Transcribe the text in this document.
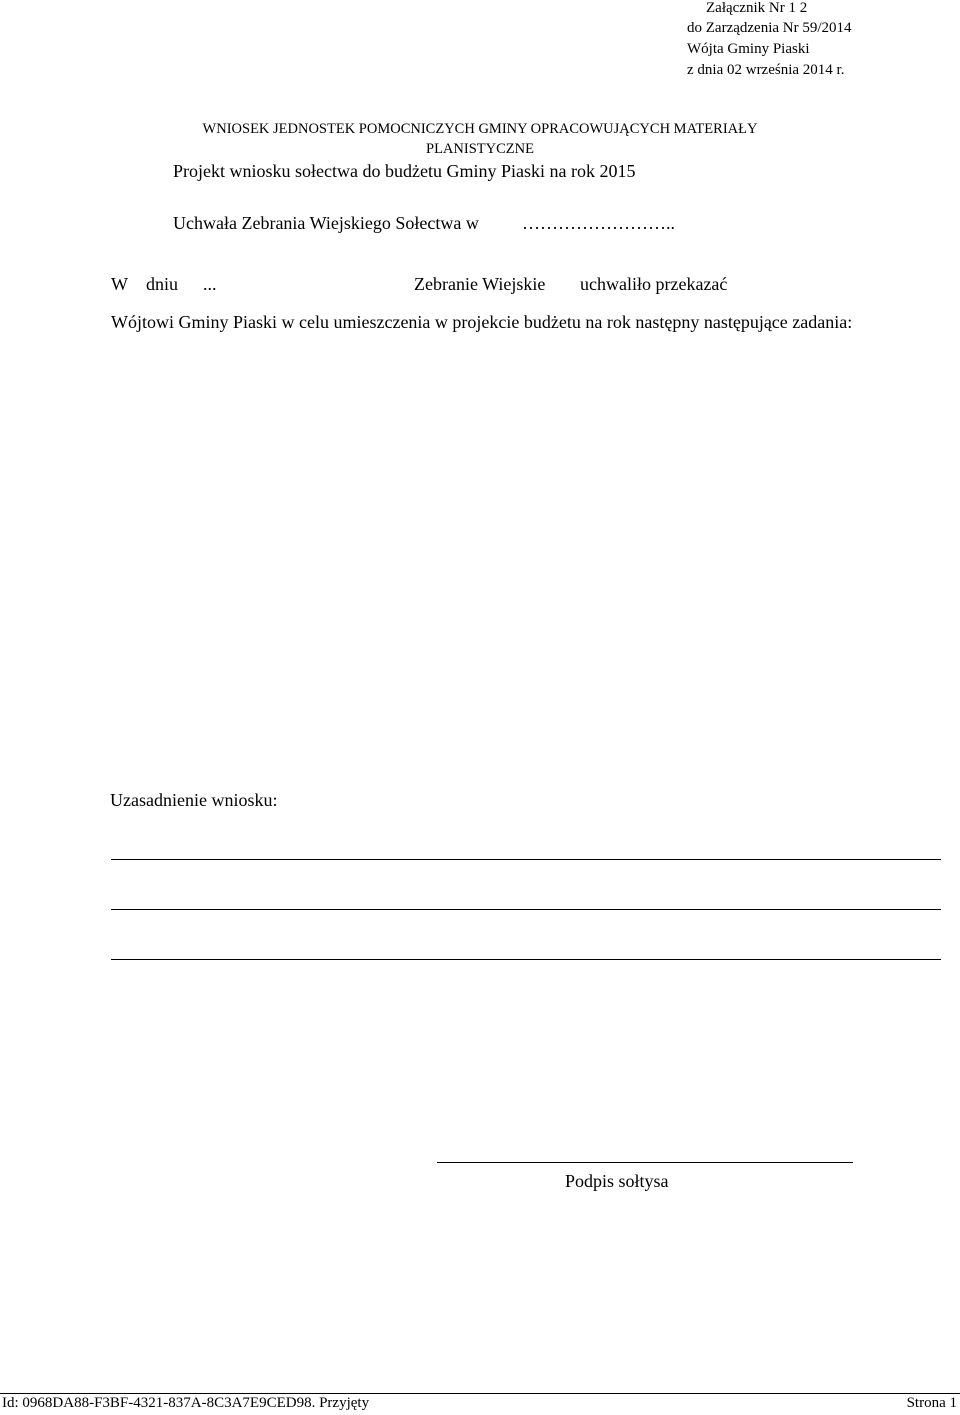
Załącznik Nr 1 2
do Zarządzenia Nr 59/2014
Wójta Gminy Piaski
z dnia 02 września 2014 r.
WNIOSEK JEDNOSTEK POMOCNICZYCH GMINY OPRACOWUJĄCYCH MATERIAŁY
PLANISTYCZNE
Projekt wniosku sołectwa do budżetu Gminy Piaski na rok 2015
Uchwała Zebrania Wiejskiego Sołectwa w ……………………..
W dniu ...	Zebranie Wiejskie uchwaliło przekazać
Wójtowi Gminy Piaski w celu umieszczenia w projekcie budżetu na rok następny następujące zadania:
Uzasadnienie wniosku:
Podpis sołtysa
Id: 0968DA88-F3BF-4321-837A-8C3A7E9CED98. Przyjęty	Strona 1
